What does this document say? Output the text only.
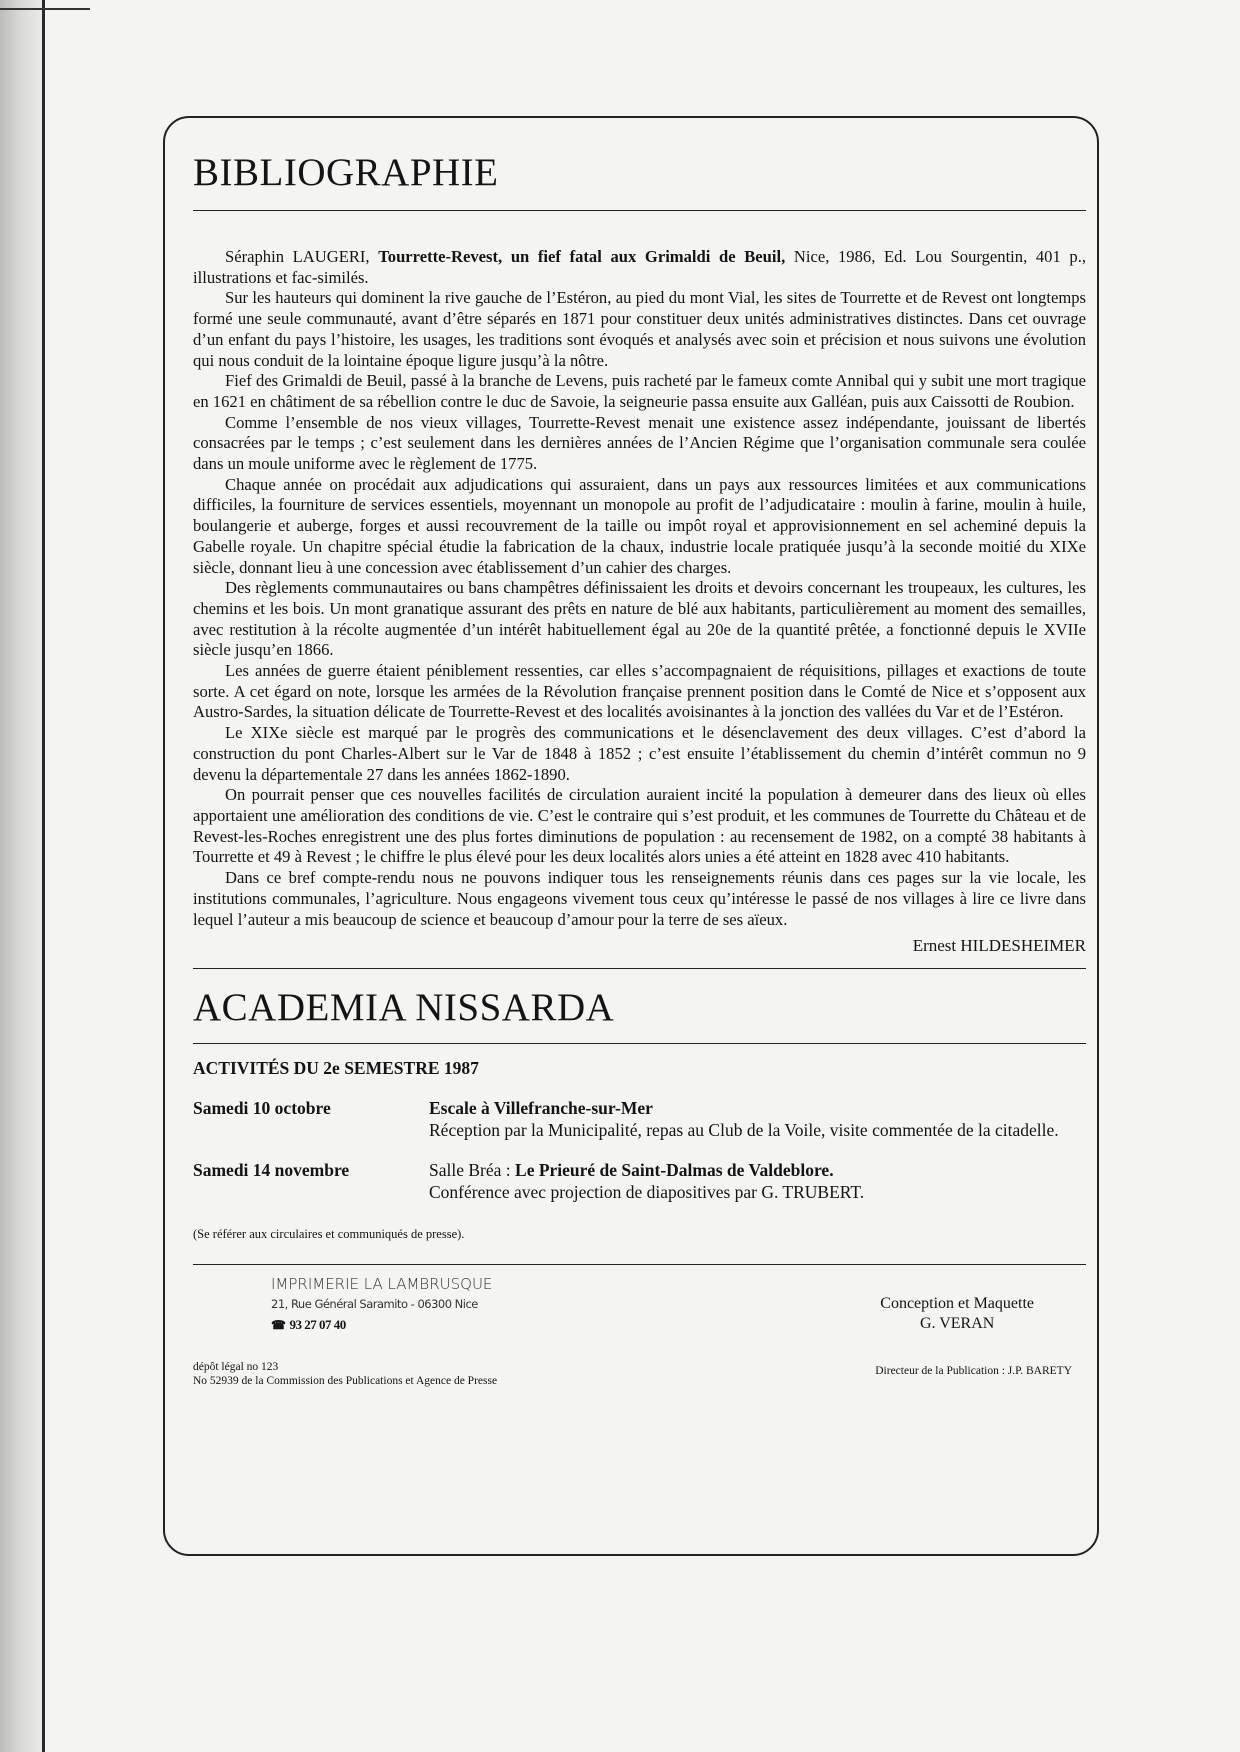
BIBLIOGRAPHIE

Séraphin LAUGERI, Tourrette-Revest, un fief fatal aux Grimaldi de Beuil, Nice, 1986, Ed. Lou Sourgentin, 401 p., illustrations et fac-similés.

Sur les hauteurs qui dominent la rive gauche de l’Estéron, au pied du mont Vial, les sites de Tourrette et de Revest ont longtemps formé une seule communauté, avant d’être séparés en 1871 pour constituer deux unités administratives distinctes. Dans cet ouvrage d’un enfant du pays l’histoire, les usages, les traditions sont évoqués et analysés avec soin et précision et nous suivons une évolution qui nous conduit de la lointaine époque ligure jusqu’à la nôtre.

Fief des Grimaldi de Beuil, passé à la branche de Levens, puis racheté par le fameux comte Annibal qui y subit une mort tragique en 1621 en châtiment de sa rébellion contre le duc de Savoie, la seigneurie passa ensuite aux Galléan, puis aux Caissotti de Roubion.

Comme l’ensemble de nos vieux villages, Tourrette-Revest menait une existence assez indépendante, jouissant de libertés consacrées par le temps ; c’est seulement dans les dernières années de l’Ancien Régime que l’organisation communale sera coulée dans un moule uniforme avec le règlement de 1775.

Chaque année on procédait aux adjudications qui assuraient, dans un pays aux ressources limitées et aux communications difficiles, la fourniture de services essentiels, moyennant un monopole au profit de l’adjudicataire : moulin à farine, moulin à huile, boulangerie et auberge, forges et aussi recouvrement de la taille ou impôt royal et approvisionnement en sel acheminé depuis la Gabelle royale. Un chapitre spécial étudie la fabrication de la chaux, industrie locale pratiquée jusqu’à la seconde moitié du XIXe siècle, donnant lieu à une concession avec établissement d’un cahier des charges.

Des règlements communautaires ou bans champêtres définissaient les droits et devoirs concernant les troupeaux, les cultures, les chemins et les bois. Un mont granatique assurant des prêts en nature de blé aux habitants, particulièrement au moment des semailles, avec restitution à la récolte augmentée d’un intérêt habituellement égal au 20e de la quantité prêtée, a fonctionné depuis le XVIIe siècle jusqu’en 1866.

Les années de guerre étaient péniblement ressenties, car elles s’accompagnaient de réquisitions, pillages et exactions de toute sorte. A cet égard on note, lorsque les armées de la Révolution française prennent position dans le Comté de Nice et s’opposent aux Austro-Sardes, la situation délicate de Tourrette-Revest et des localités avoisinantes à la jonction des vallées du Var et de l’Estéron.

Le XIXe siècle est marqué par le progrès des communications et le désenclavement des deux villages. C’est d’abord la construction du pont Charles-Albert sur le Var de 1848 à 1852 ; c’est ensuite l’établissement du chemin d’intérêt commun no 9 devenu la départementale 27 dans les années 1862-1890.

On pourrait penser que ces nouvelles facilités de circulation auraient incité la population à demeurer dans des lieux où elles apportaient une amélioration des conditions de vie. C’est le contraire qui s’est produit, et les communes de Tourrette du Château et de Revest-les-Roches enregistrent une des plus fortes diminutions de population : au recensement de 1982, on a compté 38 habitants à Tourrette et 49 à Revest ; le chiffre le plus élevé pour les deux localités alors unies a été atteint en 1828 avec 410 habitants.

Dans ce bref compte-rendu nous ne pouvons indiquer tous les renseignements réunis dans ces pages sur la vie locale, les institutions communales, l’agriculture. Nous engageons vivement tous ceux qu’intéresse le passé de nos villages à lire ce livre dans lequel l’auteur a mis beaucoup de science et beaucoup d’amour pour la terre de ses aïeux.

Ernest HILDESHEIMER
ACADEMIA NISSARDA
ACTIVITÉS DU 2e SEMESTRE 1987
Samedi 10 octobre	Escale à Villefranche-sur-Mer
Réception par la Municipalité, repas au Club de la Voile, visite commentée de la citadelle.
Samedi 14 novembre	Salle Bréa : Le Prieuré de Saint-Dalmas de Valdeblore.
Conférence avec projection de diapositives par G. TRUBERT.
(Se référer aux circulaires et communiqués de presse).
IMPRIMERIE LA LAMBRUSQUE
21, Rue Général Saramito - 06300 Nice
☎ 93 27 07 40
Conception et Maquette
G. VERAN
dépôt légal no 123
No 52939 de la Commission des Publications et Agence de Presse
Directeur de la Publication : J.P. BARETY
